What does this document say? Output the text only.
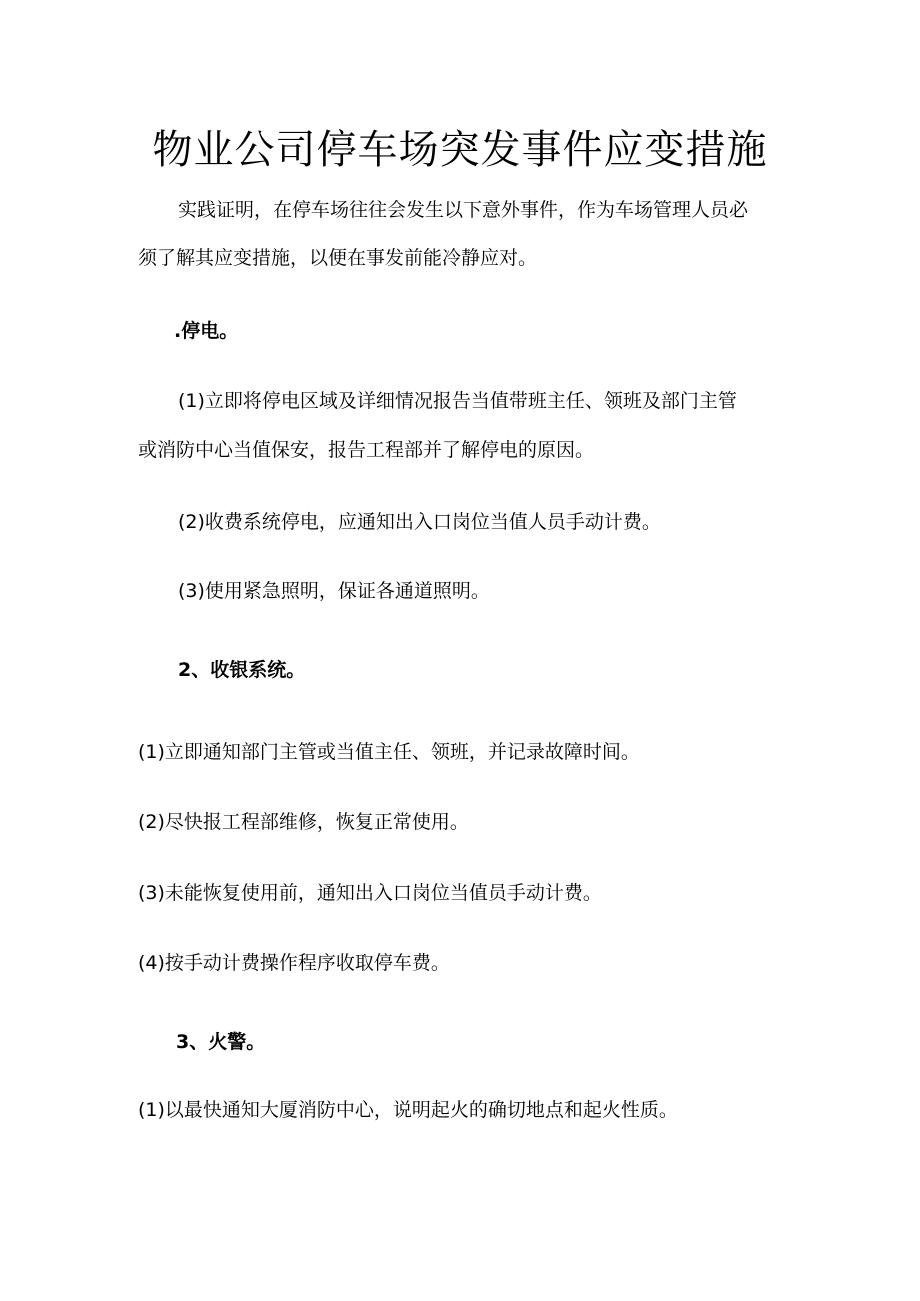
物业公司停车场突发事件应变措施
实践证明，在停车场往往会发生以下意外事件，作为车场管理人员必
须了解其应变措施，以便在事发前能冷静应对。
.停电。
(1)立即将停电区域及详细情况报告当值带班主任、领班及部门主管
或消防中心当值保安，报告工程部并了解停电的原因。
(2)收费系统停电，应通知出入口岗位当值人员手动计费。
(3)使用紧急照明，保证各通道照明。
2、收银系统。
(1)立即通知部门主管或当值主任、领班，并记录故障时间。
(2)尽快报工程部维修，恢复正常使用。
(3)未能恢复使用前，通知出入口岗位当值员手动计费。
(4)按手动计费操作程序收取停车费。
3、火警。
(1)以最快通知大厦消防中心，说明起火的确切地点和起火性质。
